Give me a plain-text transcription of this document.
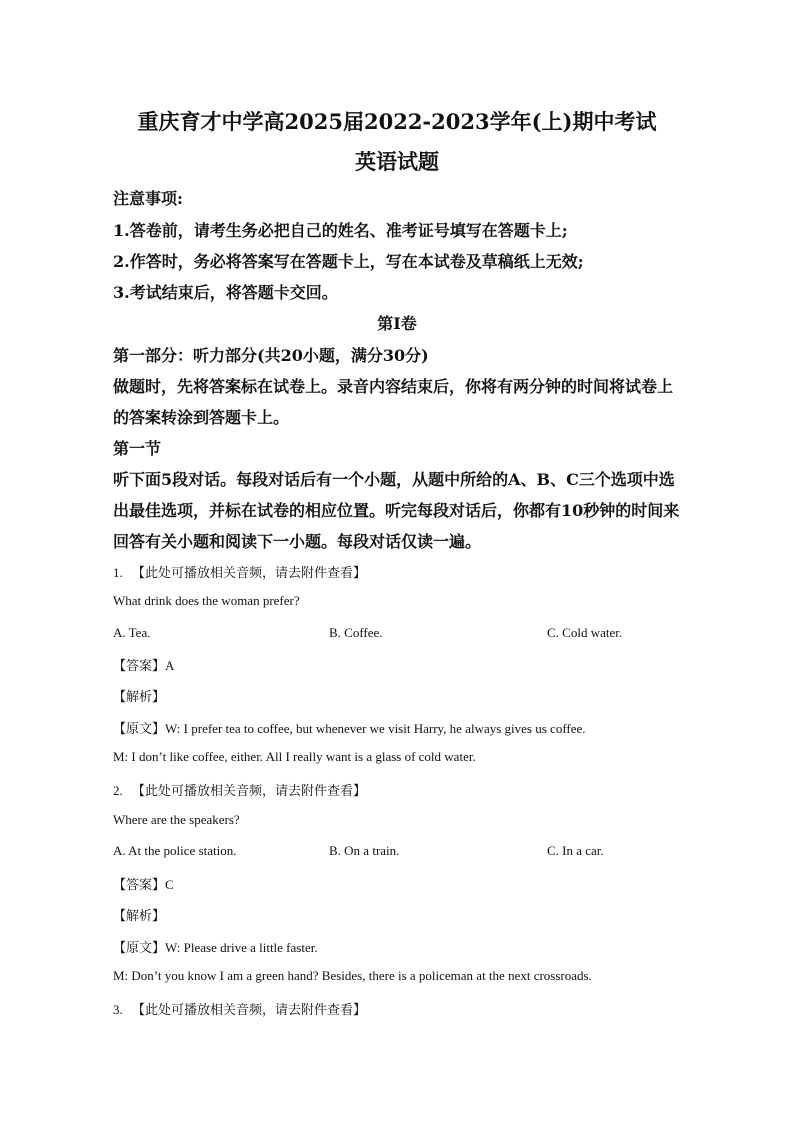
重庆育才中学高2025届2022-2023学年(上)期中考试
英语试题
注意事项:
1.答卷前，请考生务必把自己的姓名、准考证号填写在答题卡上;
2.作答时，务必将答案写在答题卡上，写在本试卷及草稿纸上无效;
3.考试结束后，将答题卡交回。
第I卷
第一部分：听力部分(共20小题，满分30分)
做题时，先将答案标在试卷上。录音内容结束后，你将有两分钟的时间将试卷上
的答案转涂到答题卡上。
第一节
听下面5段对话。每段对话后有一个小题，从题中所给的A、B、C三个选项中选
出最佳选项，并标在试卷的相应位置。听完每段对话后，你都有10秒钟的时间来
回答有关小题和阅读下一小题。每段对话仅读一遍。
1. 【此处可播放相关音频，请去附件查看】
What drink does the woman prefer?
A. Tea.	B. Coffee.	C. Cold water.
【答案】A
【解析】
【原文】W: I prefer tea to coffee, but whenever we visit Harry, he always gives us coffee.
M: I don’t like coffee, either. All I really want is a glass of cold water.
2. 【此处可播放相关音频，请去附件查看】
Where are the speakers?
A. At the police station.	B. On a train.	C. In a car.
【答案】C
【解析】
【原文】W: Please drive a little faster.
M: Don’t you know I am a green hand? Besides, there is a policeman at the next crossroads.
3. 【此处可播放相关音频，请去附件查看】
